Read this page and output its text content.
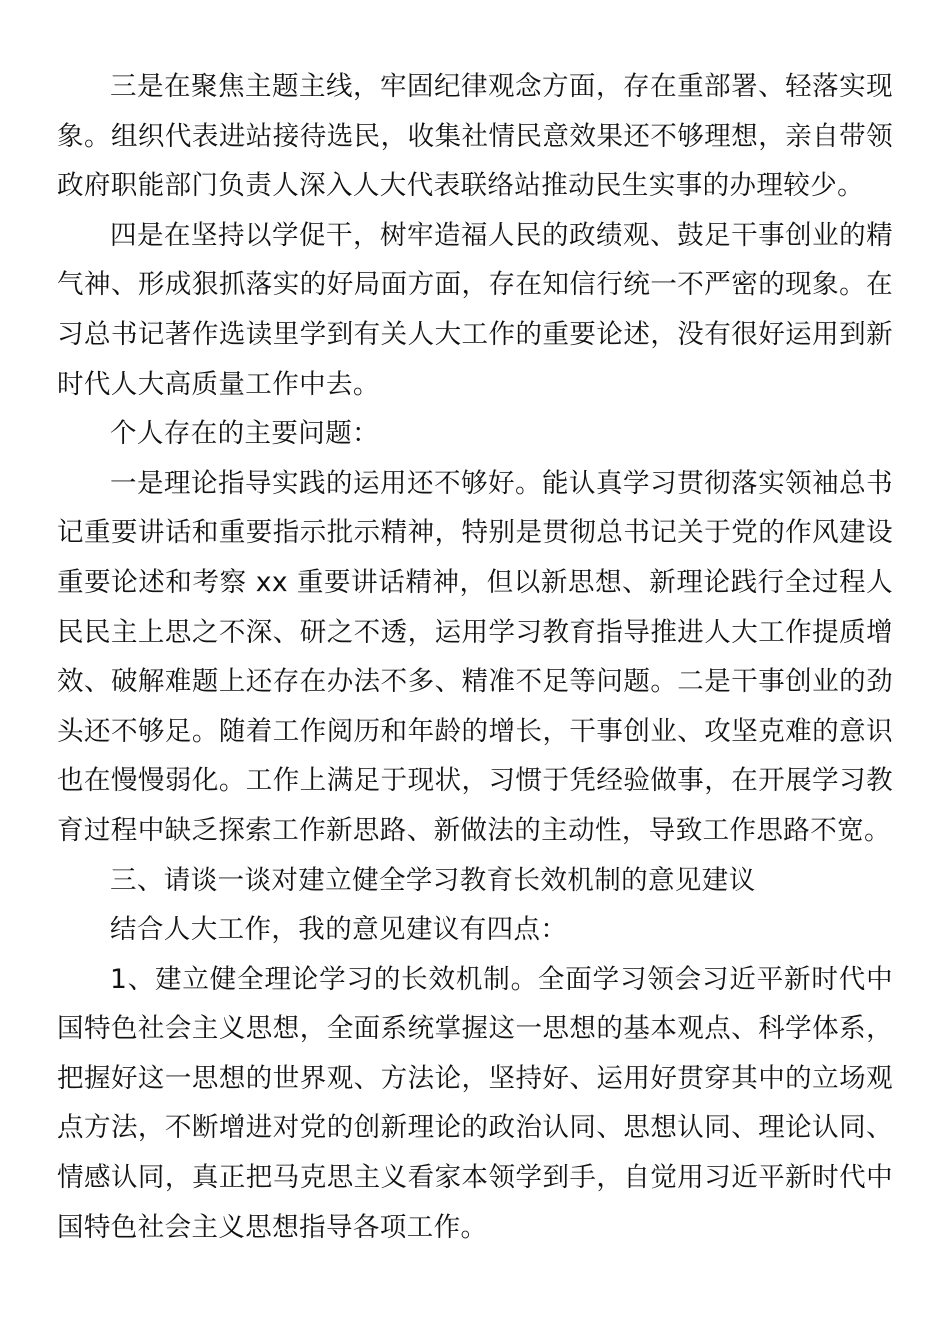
三是在聚焦主题主线，牢固纪律观念方面，存在重部署、轻落实现象。组织代表进站接待选民，收集社情民意效果还不够理想，亲自带领政府职能部门负责人深入人大代表联络站推动民生实事的办理较少。

四是在坚持以学促干，树牢造福人民的政绩观、鼓足干事创业的精气神、形成狠抓落实的好局面方面，存在知信行统一不严密的现象。在习总书记著作选读里学到有关人大工作的重要论述，没有很好运用到新时代人大高质量工作中去。

个人存在的主要问题：

一是理论指导实践的运用还不够好。能认真学习贯彻落实领袖总书记重要讲话和重要指示批示精神，特别是贯彻总书记关于党的作风建设重要论述和考察 xx 重要讲话精神，但以新思想、新理论践行全过程人民民主上思之不深、研之不透，运用学习教育指导推进人大工作提质增效、破解难题上还存在办法不多、精准不足等问题。二是干事创业的劲头还不够足。随着工作阅历和年龄的增长，干事创业、攻坚克难的意识也在慢慢弱化。工作上满足于现状，习惯于凭经验做事，在开展学习教育过程中缺乏探索工作新思路、新做法的主动性，导致工作思路不宽。

三、请谈一谈对建立健全学习教育长效机制的意见建议

结合人大工作，我的意见建议有四点：

1、建立健全理论学习的长效机制。全面学习领会习近平新时代中国特色社会主义思想，全面系统掌握这一思想的基本观点、科学体系，把握好这一思想的世界观、方法论，坚持好、运用好贯穿其中的立场观点方法，不断增进对党的创新理论的政治认同、思想认同、理论认同、情感认同，真正把马克思主义看家本领学到手，自觉用习近平新时代中国特色社会主义思想指导各项工作。
